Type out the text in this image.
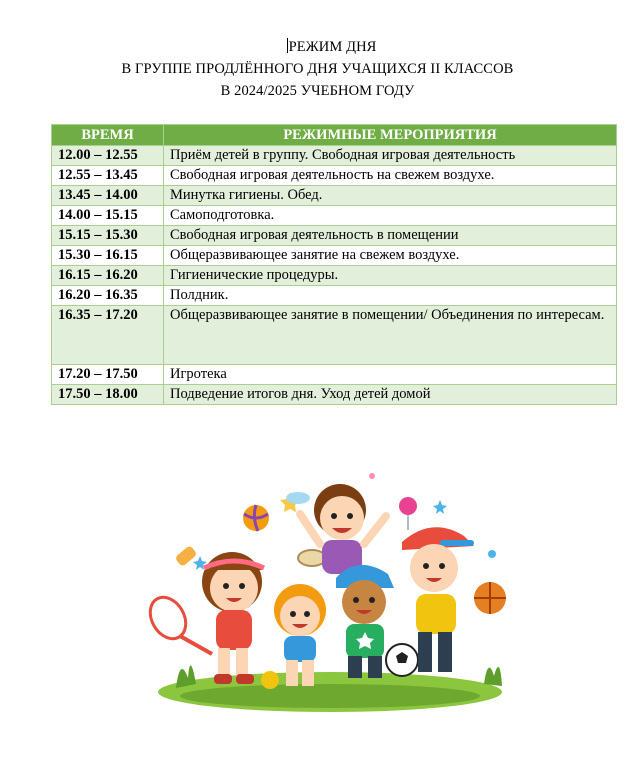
РЕЖИМ ДНЯ
В ГРУППЕ ПРОДЛЁННОГО ДНЯ УЧАЩИХСЯ II КЛАССОВ
В 2024/2025 УЧЕБНОМ ГОДУ
ВРЕМЯ	РЕЖИМНЫЕ МЕРОПРИЯТИЯ
12.00 – 12.55	Приём детей в группу. Свободная игровая деятельность
12.55 – 13.45	Свободная игровая деятельность на свежем воздухе.
13.45 – 14.00	Минутка гигиены. Обед.
14.00 – 15.15	Самоподготовка.
15.15 – 15.30	Свободная игровая деятельность в помещении
15.30 – 16.15	Общеразвивающее занятие на свежем воздухе.
16.15 – 16.20	Гигиенические процедуры.
16.20 – 16.35	Полдник.
16.35 – 17.20	Общеразвивающее занятие в помещении/ Объединения по интересам.
17.20 – 17.50	Игротека
17.50 – 18.00	Подведение итогов дня. Уход детей домой
